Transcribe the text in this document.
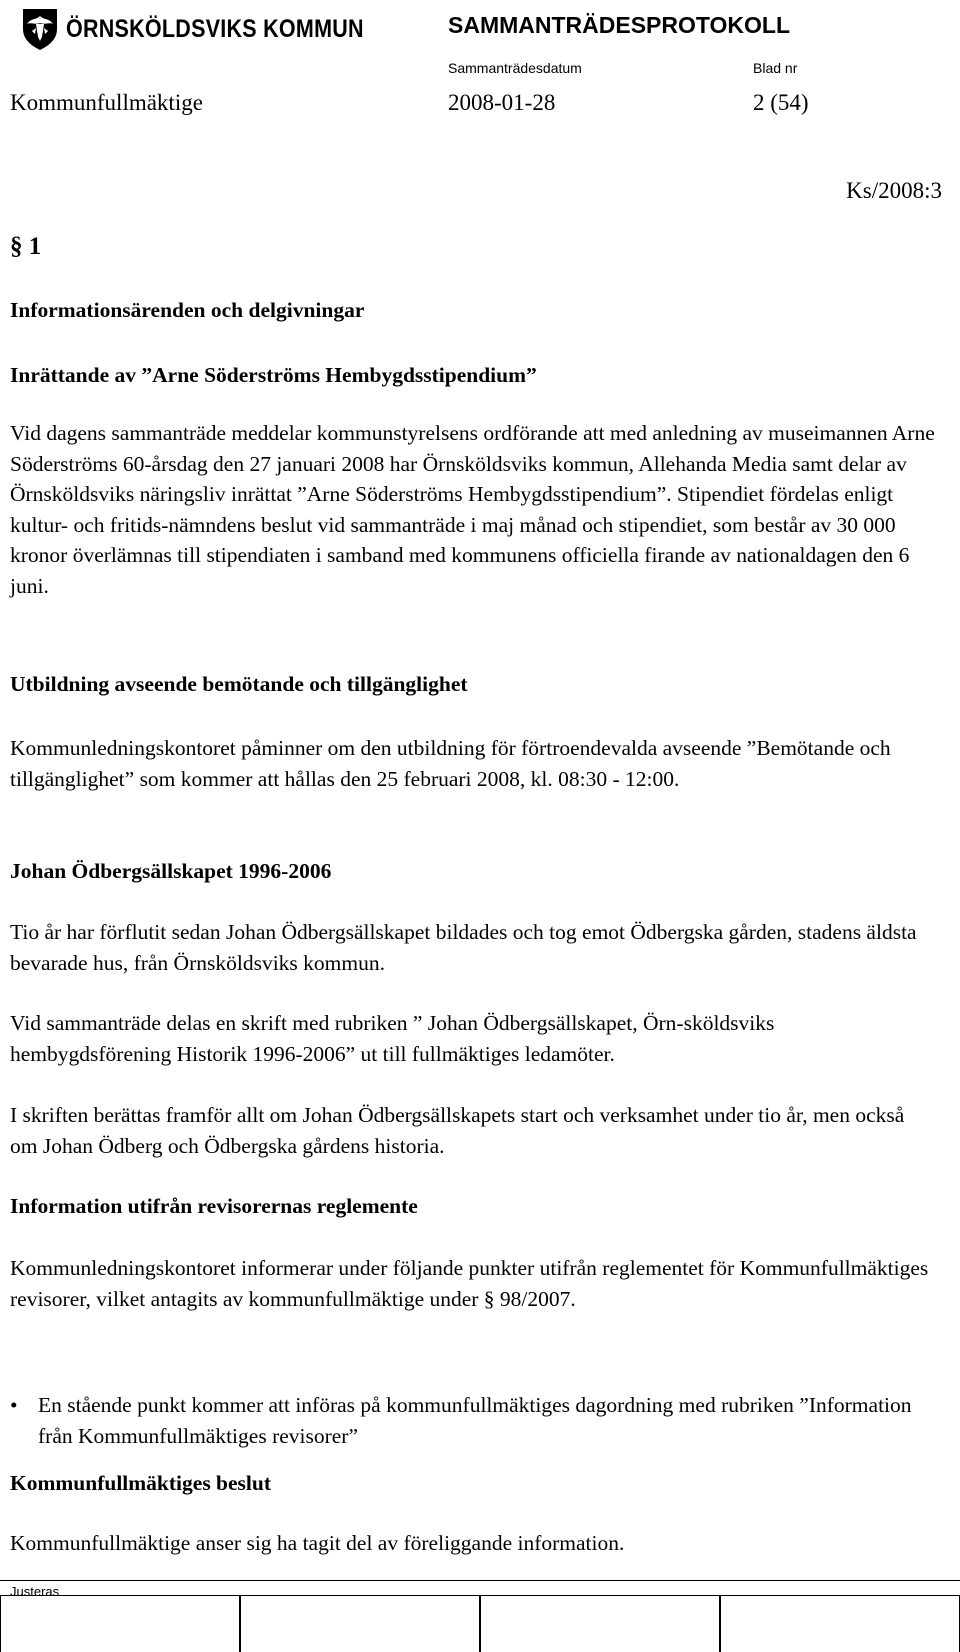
ÖRNSKÖLDSVIKS KOMMUN	SAMMANTRÄDESPROTOKOLL
Sammanträdesdatum	Blad nr
Kommunfullmäktige	2008-01-28	2 (54)
Ks/2008:3
§ 1
Informationsärenden och delgivningar
Inrättande av ”Arne Söderströms Hembygdsstipendium”
Vid dagens sammanträde meddelar kommunstyrelsens ordförande att med anledning av museimannen Arne Söderströms 60-årsdag den 27 januari 2008 har Örnsköldsviks kommun, Allehanda Media samt delar av Örnsköldsviks näringsliv inrättat ”Arne Söderströms Hembygdsstipendium”. Stipendiet fördelas enligt kultur- och fritids-nämndens beslut vid sammanträde i maj månad och stipendiet, som består av 30 000 kronor överlämnas till stipendiaten i samband med kommunens officiella firande av nationaldagen den 6 juni.
Utbildning avseende bemötande och tillgänglighet
Kommunledningskontoret påminner om den utbildning för förtroendevalda avseende ”Bemötande och tillgänglighet” som kommer att hållas den 25 februari 2008, kl. 08:30 - 12:00.
Johan Ödbergsällskapet 1996-2006
Tio år har förflutit sedan Johan Ödbergsällskapet bildades och tog emot Ödbergska gården, stadens äldsta bevarade hus, från Örnsköldsviks kommun.
Vid sammanträde delas en skrift med rubriken ” Johan Ödbergsällskapet, Örn-sköldsviks hembygdsförening Historik 1996-2006” ut till fullmäktiges ledamöter.
I skriften berättas framför allt om Johan Ödbergsällskapets start och verksamhet under tio år, men också om Johan Ödberg och Ödbergska gårdens historia.
Information utifrån revisorernas reglemente
Kommunledningskontoret informerar under följande punkter utifrån reglementet för Kommunfullmäktiges revisorer, vilket antagits av kommunfullmäktige under § 98/2007.
• En stående punkt kommer att införas på kommunfullmäktiges dagordning med rubriken ”Information från Kommunfullmäktiges revisorer”
Kommunfullmäktiges beslut
Kommunfullmäktige anser sig ha tagit del av föreliggande information.
Justeras
